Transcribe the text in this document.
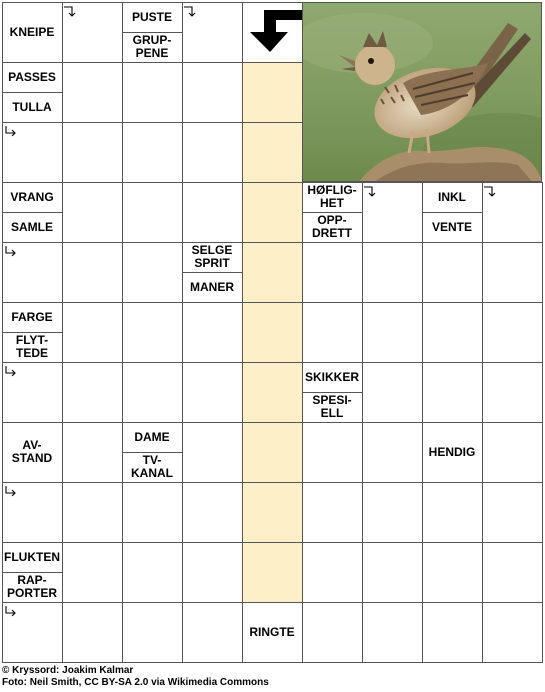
KNEIPE
PUSTE
GRUP-
PENE
PASSES
TULLA
VRANG
SAMLE
HØFLIG-
HET
OPP-
DRETT
INKL
VENTE
SELGE
SPRIT
MANER
FARGE
FLYT-
TEDE
SKIKKER
SPESI-
ELL
AV-
STAND
DAME
TV-
KANAL
HENDIG
FLUKTEN
RAP-
PORTER
RINGTE
© Kryssord: Joakim Kalmar
Foto: Neil Smith, CC BY-SA 2.0 via Wikimedia Commons
